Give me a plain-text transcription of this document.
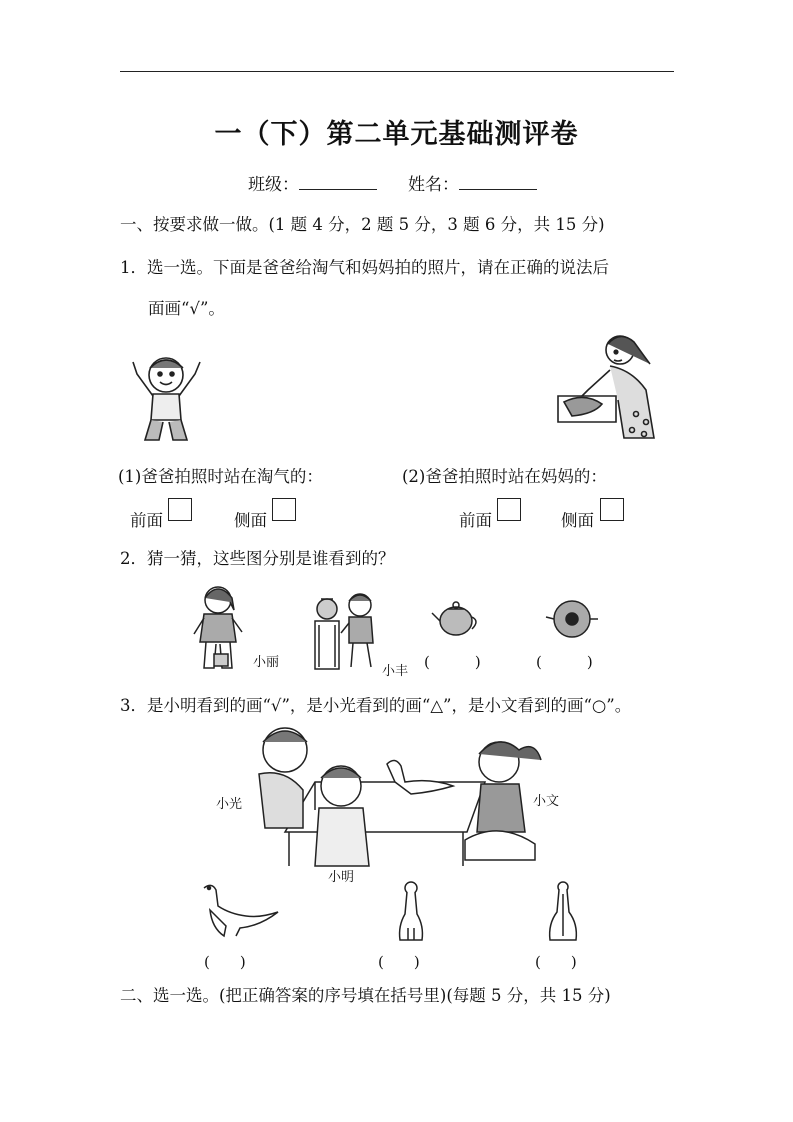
一（下）第二单元基础测评卷
班级：	姓名：
一、按要求做一做。(1 题 4 分，2 题 5 分，3 题 6 分，共 15 分)
1．选一选。下面是爸爸给淘气和妈妈拍的照片，请在正确的说法后
面画“√”。
(1)爸爸拍照时站在淘气的：	(2)爸爸拍照时站在妈妈的：
前面	侧面	前面	侧面
2．猜一猜，这些图分别是谁看到的？
小丽
小丰
(　　　)	(　　　)
3．是小明看到的画“√”，是小光看到的画“△”，是小文看到的画“○”。
小光
小明
小文
(　　)	(　　)	(　　)
二、选一选。(把正确答案的序号填在括号里)(每题 5 分，共 15 分)
